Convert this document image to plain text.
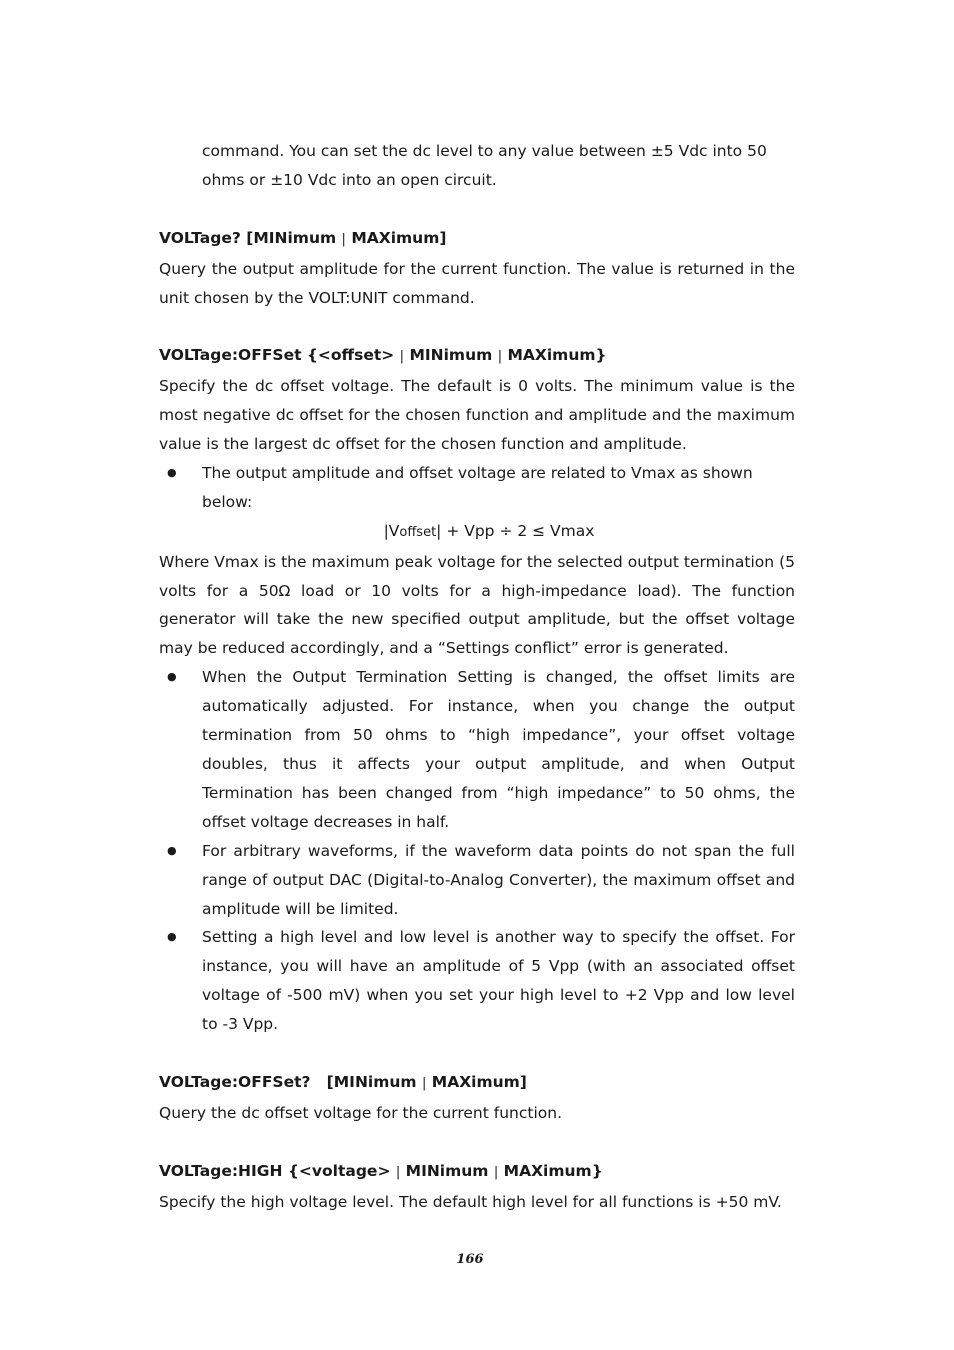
command. You can set the dc level to any value between ±5 Vdc into 50

ohms or ±10 Vdc into an open circuit.

VOLTage? [MINimum | MAXimum]

Query the output amplitude for the current function. The value is returned in the unit chosen by the VOLT:UNIT command.

VOLTage:OFFSet {<offset> | MINimum | MAXimum}

Specify the dc offset voltage. The default is 0 volts. The minimum value is the most negative dc offset for the chosen function and amplitude and the maximum value is the largest dc offset for the chosen function and amplitude.

● The output amplitude and offset voltage are related to Vmax as shown below:

|Voffset| + Vpp ÷ 2 ≤ Vmax

Where Vmax is the maximum peak voltage for the selected output termination (5 volts for a 50Ω load or 10 volts for a high-impedance load). The function generator will take the new specified output amplitude, but the offset voltage may be reduced accordingly, and a “Settings conflict” error is generated.

● When the Output Termination Setting is changed, the offset limits are automatically adjusted. For instance, when you change the output termination from 50 ohms to “high impedance”, your offset voltage doubles, thus it affects your output amplitude, and when Output Termination has been changed from “high impedance” to 50 ohms, the offset voltage decreases in half.
● For arbitrary waveforms, if the waveform data points do not span the full range of output DAC (Digital-to-Analog Converter), the maximum offset and amplitude will be limited.
● Setting a high level and low level is another way to specify the offset. For instance, you will have an amplitude of 5 Vpp (with an associated offset voltage of -500 mV) when you set your high level to +2 Vpp and low level to -3 Vpp.

VOLTage:OFFSet?   [MINimum | MAXimum]

Query the dc offset voltage for the current function.

VOLTage:HIGH {<voltage> | MINimum | MAXimum}

Specify the high voltage level. The default high level for all functions is +50 mV.

166
